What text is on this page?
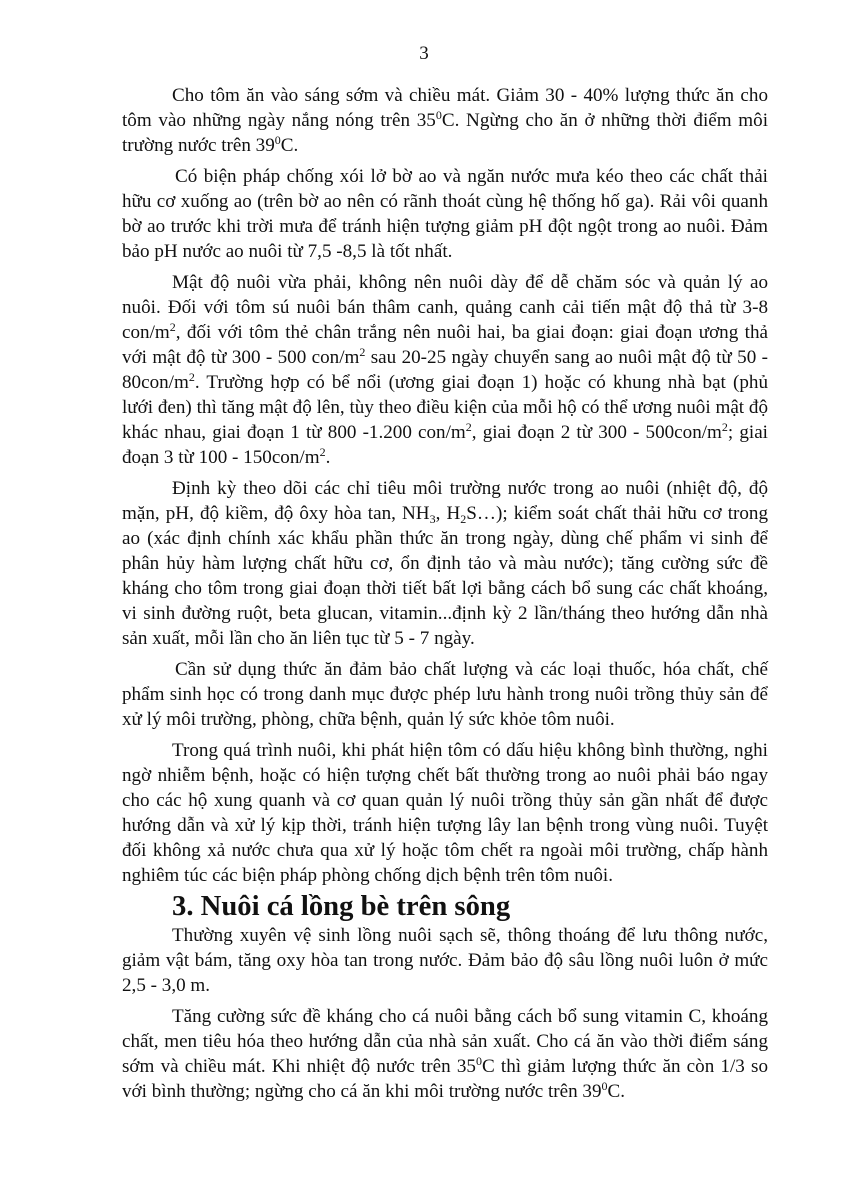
3

Cho tôm ăn vào sáng sớm và chiều mát. Giảm 30 - 40% lượng thức ăn cho tôm vào những ngày nắng nóng trên $35^0C$. Ngừng cho ăn ở những thời điểm môi trường nước trên $39^0C$.

Có biện pháp chống xói lở bờ ao và ngăn nước mưa kéo theo các chất thải hữu cơ xuống ao (trên bờ ao nên có rãnh thoát cùng hệ thống hố ga). Rải vôi quanh bờ ao trước khi trời mưa để tránh hiện tượng giảm pH đột ngột trong ao nuôi. Đảm bảo pH nước ao nuôi từ 7,5 -8,5 là tốt nhất.

Mật độ nuôi vừa phải, không nên nuôi dày để dễ chăm sóc và quản lý ao nuôi. Đối với tôm sú nuôi bán thâm canh, quảng canh cải tiến mật độ thả từ 3-8 con/$m^2$, đối với tôm thẻ chân trắng nên nuôi hai, ba giai đoạn: giai đoạn ương thả với mật độ từ 300 - 500 con/$m^2$ sau 20-25 ngày chuyển sang ao nuôi mật độ từ $50 - 80con/m^2$. Trường hợp có bể nổi (ương giai đoạn 1) hoặc có khung nhà bạt (phủ lưới đen) thì tăng mật độ lên, tùy theo điều kiện của mỗi hộ có thể ương nuôi mật độ khác nhau, giai đoạn 1 từ 800 -1.200 con/$m^2$, giai đoạn 2 từ $300 - 500con/m^2$; giai đoạn 3 từ $100 - 150con/m^2$.

Định kỳ theo dõi các chỉ tiêu môi trường nước trong ao nuôi (nhiệt độ, độ mặn, pH, độ kiềm, độ ôxy hòa tan, $NH_3$, $H_2S\dots$); kiểm soát chất thải hữu cơ trong ao (xác định chính xác khẩu phần thức ăn trong ngày, dùng chế phẩm vi sinh để phân hủy hàm lượng chất hữu cơ, ổn định tảo và màu nước); tăng cường sức đề kháng cho tôm trong giai đoạn thời tiết bất lợi bằng cách bổ sung các chất khoáng, vi sinh đường ruột, beta glucan, vitamin...định kỳ 2 lần/tháng theo hướng dẫn nhà sản xuất, mỗi lần cho ăn liên tục từ 5 - 7 ngày.

Cần sử dụng thức ăn đảm bảo chất lượng và các loại thuốc, hóa chất, chế phẩm sinh học có trong danh mục được phép lưu hành trong nuôi trồng thủy sản để xử lý môi trường, phòng, chữa bệnh, quản lý sức khỏe tôm nuôi.

Trong quá trình nuôi, khi phát hiện tôm có dấu hiệu không bình thường, nghi ngờ nhiễm bệnh, hoặc có hiện tượng chết bất thường trong ao nuôi phải báo ngay cho các hộ xung quanh và cơ quan quản lý nuôi trồng thủy sản gần nhất để được hướng dẫn và xử lý kịp thời, tránh hiện tượng lây lan bệnh trong vùng nuôi. Tuyệt đối không xả nước chưa qua xử lý hoặc tôm chết ra ngoài môi trường, chấp hành nghiêm túc các biện pháp phòng chống dịch bệnh trên tôm nuôi.

3. Nuôi cá lồng bè trên sông

Thường xuyên vệ sinh lồng nuôi sạch sẽ, thông thoáng để lưu thông nước, giảm vật bám, tăng oxy hòa tan trong nước. Đảm bảo độ sâu lồng nuôi luôn ở mức 2,5 - 3,0 m.

Tăng cường sức đề kháng cho cá nuôi bằng cách bổ sung vitamin C, khoáng chất, men tiêu hóa theo hướng dẫn của nhà sản xuất. Cho cá ăn vào thời điểm sáng sớm và chiều mát. Khi nhiệt độ nước trên $35^0C$ thì giảm lượng thức ăn còn 1/3 so với bình thường; ngừng cho cá ăn khi môi trường nước trên $39^0C$.
